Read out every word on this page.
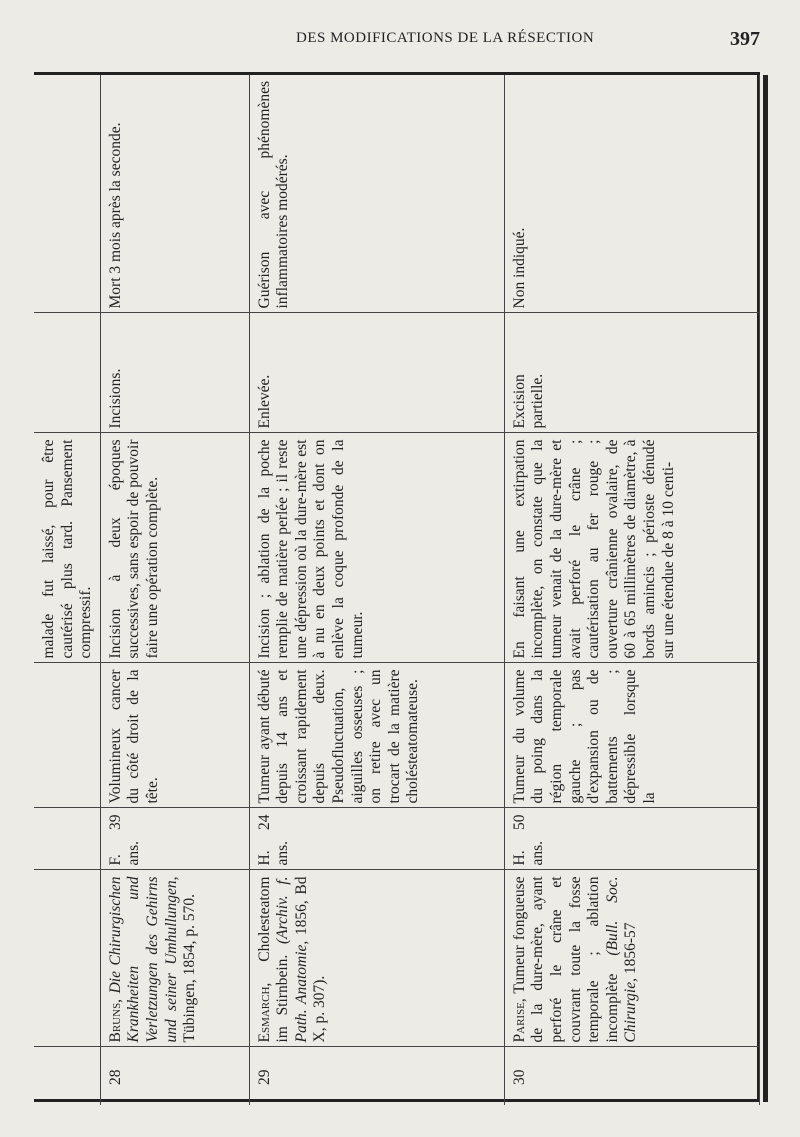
DES MODIFICATIONS DE LA RÉSECTION	397
				malade fut laissé, pour être cautérisé plus tard. Pansement compressif.		
28	Bruns, Die Chirurgischen Krankheiten und Verletzungen des Gehirns und seiner Umhullungen, Tübingen, 1854, p. 570.	F. 39 ans.	Volumineux cancer du côté droit de la tête.	Incision à deux époques successives, sans espoir de pouvoir faire une opération complète.	Incisions.	Mort 3 mois après la seconde.
29	Esmarch, Cholesteatom im Stirnbein. (Archiv. f. Path. Anatomie, 1856, Bd X, p. 307).	H. 24 ans.	Tumeur ayant débuté depuis 14 ans et croissant rapidement depuis deux. Pseudofluctuation, aiguilles osseuses ; on retire avec un trocart de la matière cholésteatomateuse.	Incision ; ablation de la poche remplie de matière perlée ; il reste une dépression où la dure-mère est à nu en deux points et dont on enlève la coque profonde de la tumeur.	Enlevée.	Guérison avec phénomènes inflammatoires modérés.
30	Parise, Tumeur fongueuse de la dure-mère, ayant perforé le crâne et couvrant toute la fosse temporale ; ablation incomplète (Bull. Soc. Chirurgie, 1856-57	H. 50 ans.	Tumeur du volume du poing dans la région temporale gauche ; pas d'expansion ou de battements ; dépressible lorsque la	En faisant une extirpation incomplète, on constate que la tumeur venait de la dure-mère et avait perforé le crâne ; cautérisation au fer rouge ; ouverture crânienne ovalaire, de 60 à 65 millimètres de diamètre, à bords amincis ; périoste dénudé sur une étendue de 8 à 10 centi-	Excision partielle.	Non indiqué.
